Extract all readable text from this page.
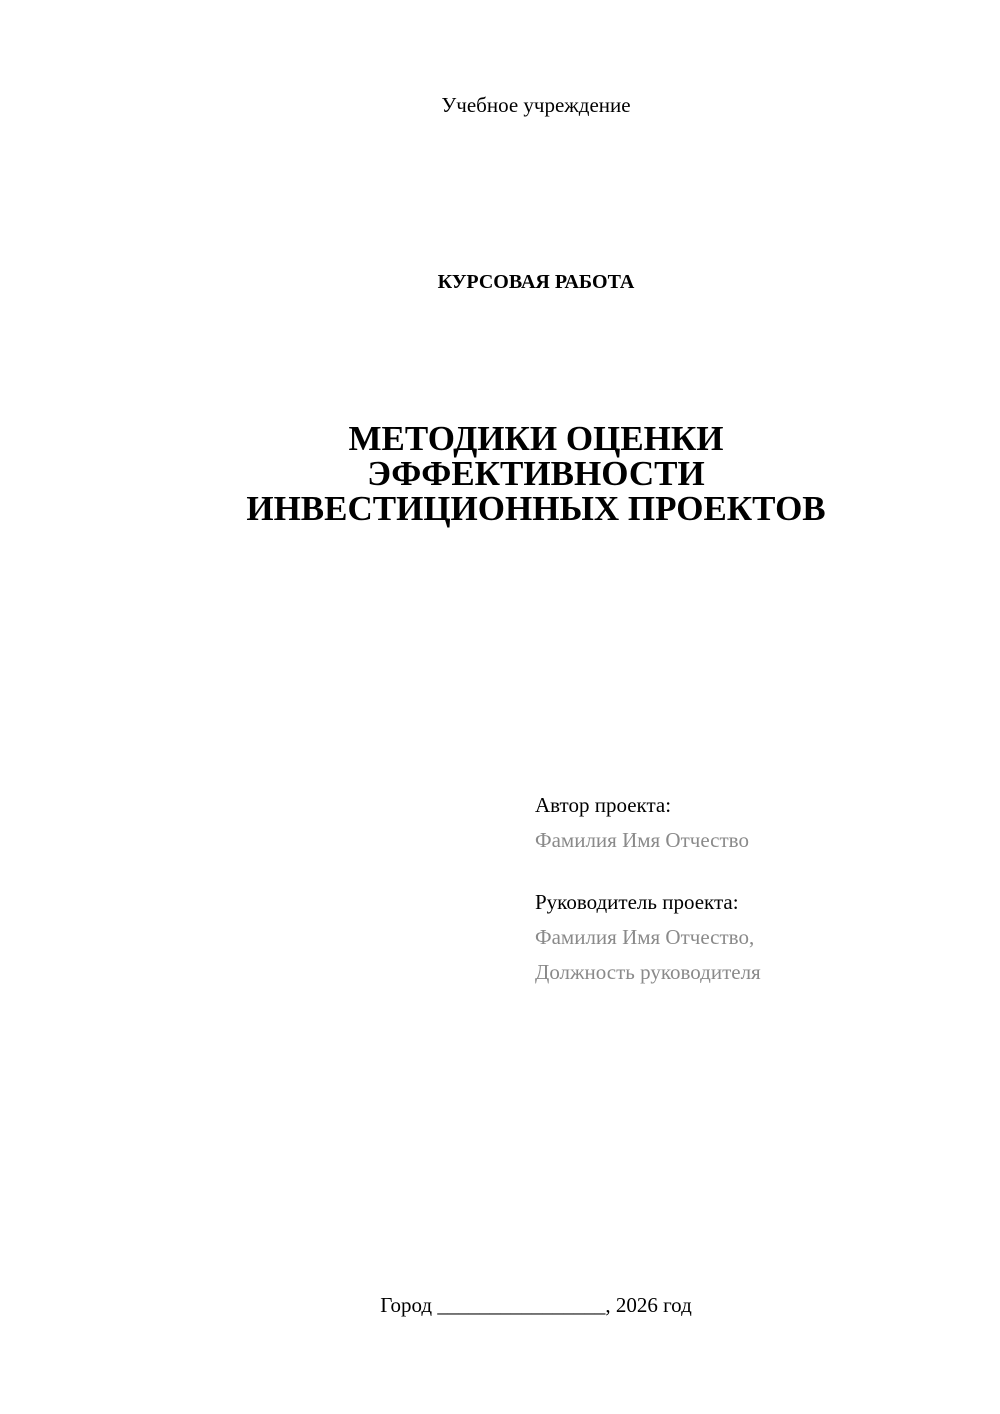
Учебное учреждение
КУРСОВАЯ РАБОТА
МЕТОДИКИ ОЦЕНКИ
ЭФФЕКТИВНОСТИ
ИНВЕСТИЦИОННЫХ ПРОЕКТОВ
Автор проекта:
Фамилия Имя Отчество
Руководитель проекта:
Фамилия Имя Отчество,
Должность руководителя
Город ________________, 2026 год
